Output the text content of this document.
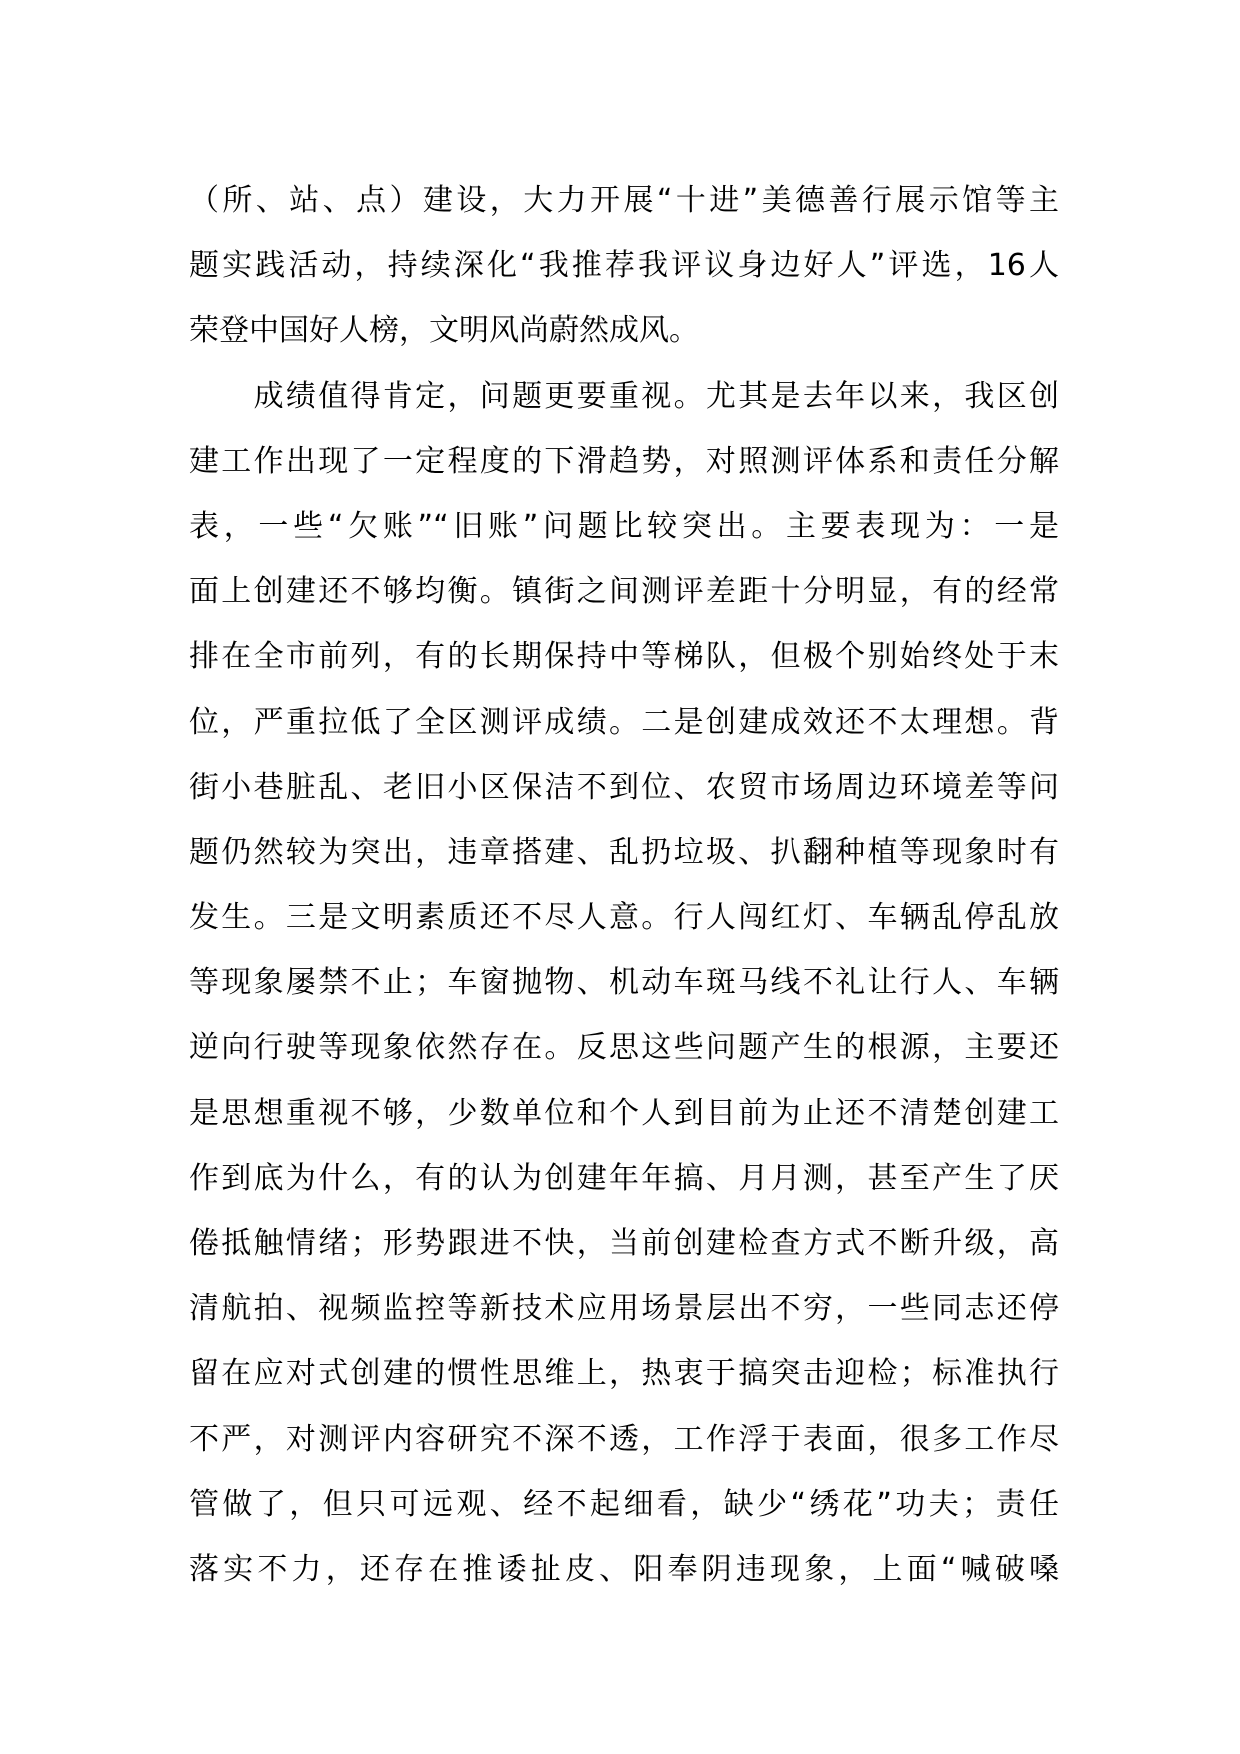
（所、站、点）建设，大力开展“十进”美德善行展示馆等主
题实践活动，持续深化“我推荐我评议身边好人”评选，16人
荣登中国好人榜，文明风尚蔚然成风。
　　成绩值得肯定，问题更要重视。尤其是去年以来，我区创
建工作出现了一定程度的下滑趋势，对照测评体系和责任分解
表，一些“欠账”“旧账”问题比较突出。主要表现为：一是
面上创建还不够均衡。镇街之间测评差距十分明显，有的经常
排在全市前列，有的长期保持中等梯队，但极个别始终处于末
位，严重拉低了全区测评成绩。二是创建成效还不太理想。背
街小巷脏乱、老旧小区保洁不到位、农贸市场周边环境差等问
题仍然较为突出，违章搭建、乱扔垃圾、扒翻种植等现象时有
发生。三是文明素质还不尽人意。行人闯红灯、车辆乱停乱放
等现象屡禁不止；车窗抛物、机动车斑马线不礼让行人、车辆
逆向行驶等现象依然存在。反思这些问题产生的根源，主要还
是思想重视不够，少数单位和个人到目前为止还不清楚创建工
作到底为什么，有的认为创建年年搞、月月测，甚至产生了厌
倦抵触情绪；形势跟进不快，当前创建检查方式不断升级，高
清航拍、视频监控等新技术应用场景层出不穷，一些同志还停
留在应对式创建的惯性思维上，热衷于搞突击迎检；标准执行
不严，对测评内容研究不深不透，工作浮于表面，很多工作尽
管做了，但只可远观、经不起细看，缺少“绣花”功夫；责任
落实不力，还存在推诿扯皮、阳奉阴违现象，上面“喊破嗓
